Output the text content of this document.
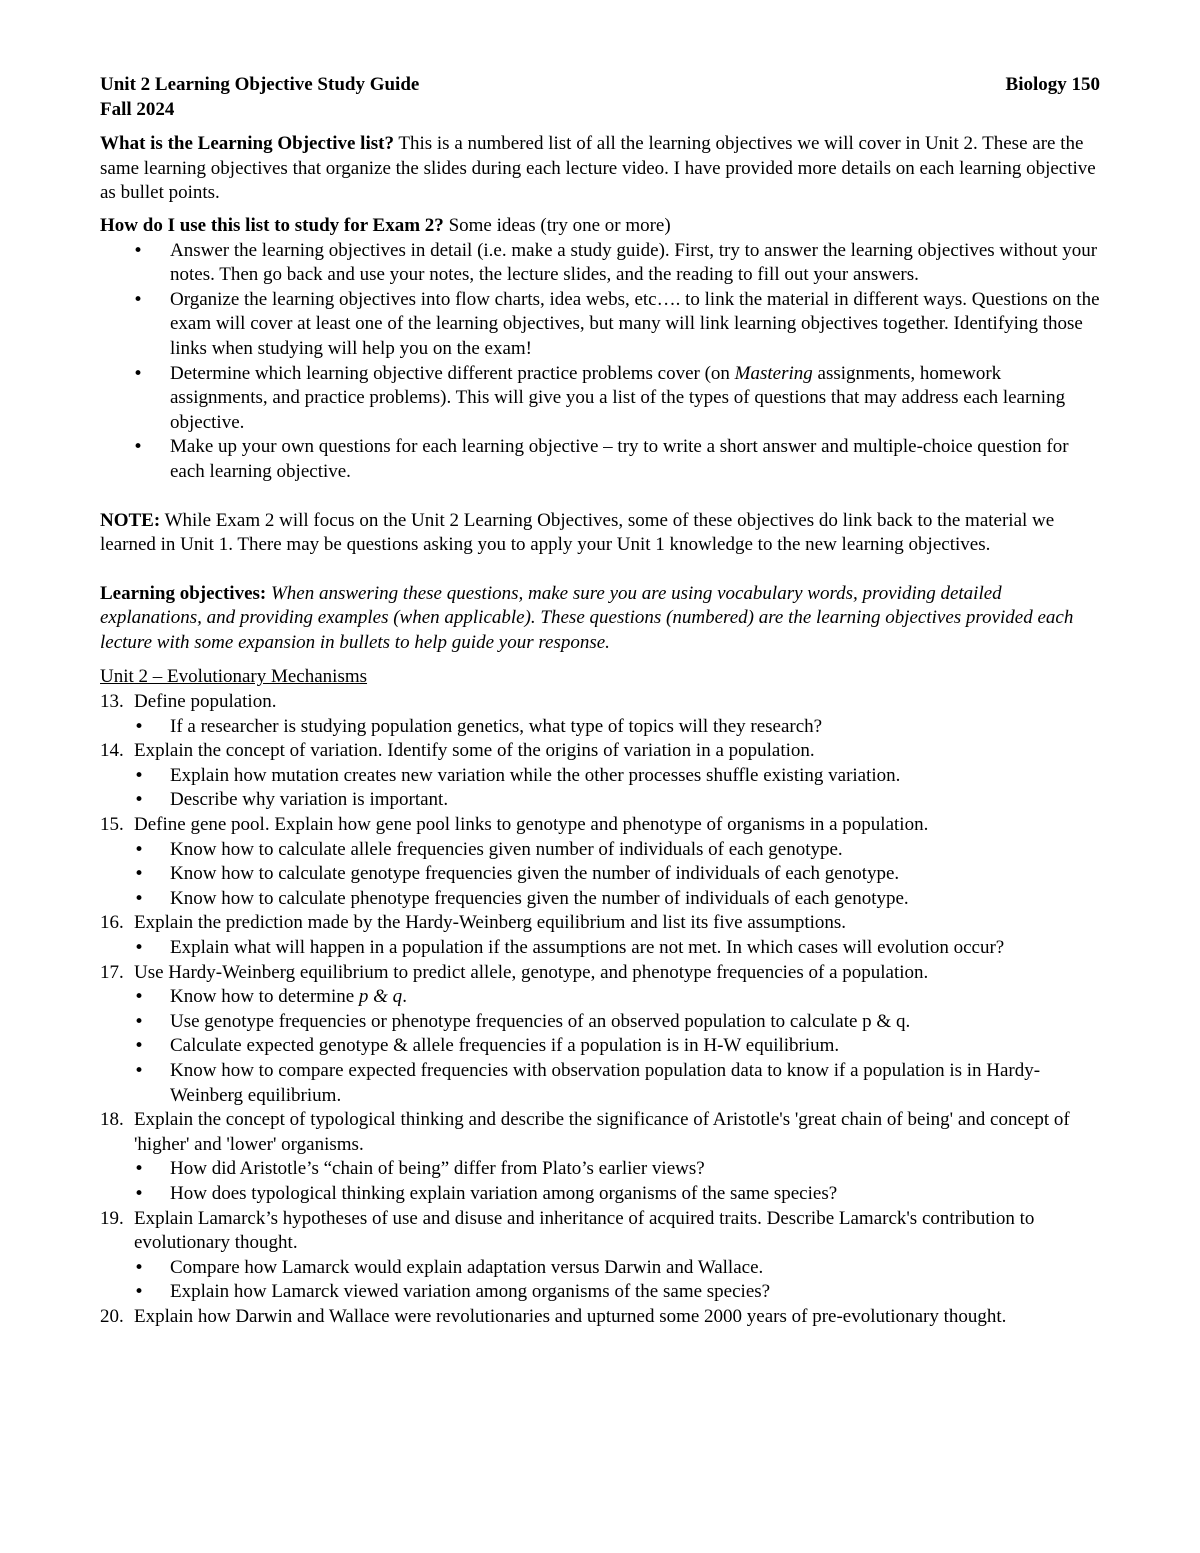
Unit 2 Learning Objective Study Guide	Biology 150
Fall 2024

What is the Learning Objective list? This is a numbered list of all the learning objectives we will cover in Unit 2. These are the same learning objectives that organize the slides during each lecture video. I have provided more details on each learning objective as bullet points.

How do I use this list to study for Exam 2? Some ideas (try one or more)

• Answer the learning objectives in detail (i.e. make a study guide). First, try to answer the learning objectives without your notes. Then go back and use your notes, the lecture slides, and the reading to fill out your answers.
• Organize the learning objectives into flow charts, idea webs, etc…. to link the material in different ways. Questions on the exam will cover at least one of the learning objectives, but many will link learning objectives together. Identifying those links when studying will help you on the exam!
• Determine which learning objective different practice problems cover (on Mastering assignments, homework assignments, and practice problems). This will give you a list of the types of questions that may address each learning objective.
• Make up your own questions for each learning objective – try to write a short answer and multiple-choice question for each learning objective.

NOTE: While Exam 2 will focus on the Unit 2 Learning Objectives, some of these objectives do link back to the material we learned in Unit 1. There may be questions asking you to apply your Unit 1 knowledge to the new learning objectives.

Learning objectives: When answering these questions, make sure you are using vocabulary words, providing detailed explanations, and providing examples (when applicable). These questions (numbered) are the learning objectives provided each lecture with some expansion in bullets to help guide your response.

Unit 2 – Evolutionary Mechanisms
13. Define population.
• If a researcher is studying population genetics, what type of topics will they research?
14. Explain the concept of variation. Identify some of the origins of variation in a population.
• Explain how mutation creates new variation while the other processes shuffle existing variation.
• Describe why variation is important.
15. Define gene pool. Explain how gene pool links to genotype and phenotype of organisms in a population.
• Know how to calculate allele frequencies given number of individuals of each genotype.
• Know how to calculate genotype frequencies given the number of individuals of each genotype.
• Know how to calculate phenotype frequencies given the number of individuals of each genotype.
16. Explain the prediction made by the Hardy-Weinberg equilibrium and list its five assumptions.
• Explain what will happen in a population if the assumptions are not met. In which cases will evolution occur?
17. Use Hardy-Weinberg equilibrium to predict allele, genotype, and phenotype frequencies of a population.
• Know how to determine p & q.
• Use genotype frequencies or phenotype frequencies of an observed population to calculate p & q.
• Calculate expected genotype & allele frequencies if a population is in H-W equilibrium.
• Know how to compare expected frequencies with observation population data to know if a population is in Hardy-Weinberg equilibrium.
18. Explain the concept of typological thinking and describe the significance of Aristotle's 'great chain of being' and concept of 'higher' and 'lower' organisms.
• How did Aristotle’s “chain of being” differ from Plato’s earlier views?
• How does typological thinking explain variation among organisms of the same species?
19. Explain Lamarck’s hypotheses of use and disuse and inheritance of acquired traits. Describe Lamarck's contribution to evolutionary thought.
• Compare how Lamarck would explain adaptation versus Darwin and Wallace.
• Explain how Lamarck viewed variation among organisms of the same species?
20. Explain how Darwin and Wallace were revolutionaries and upturned some 2000 years of pre-evolutionary thought.
